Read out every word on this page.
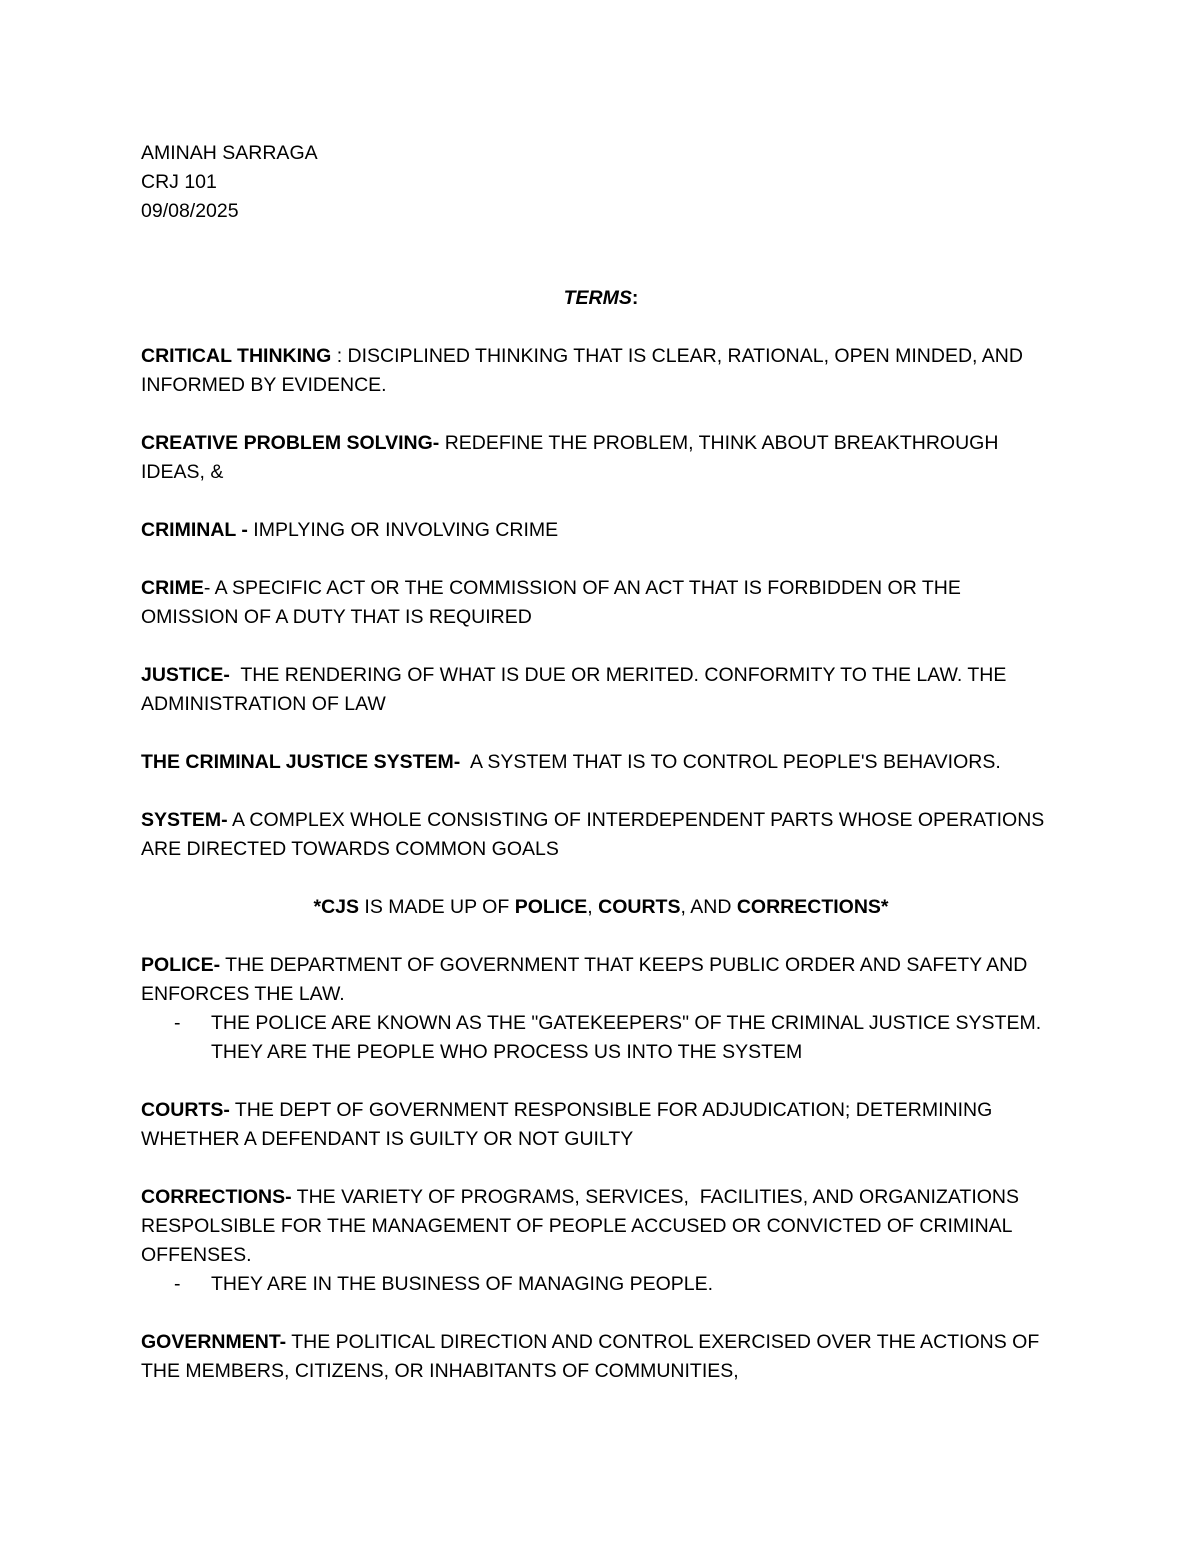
AMINAH SARRAGA

CRJ 101

09/08/2025

TERMS:

CRITICAL THINKING : DISCIPLINED THINKING THAT IS CLEAR, RATIONAL, OPEN MINDED, AND INFORMED BY EVIDENCE.

CREATIVE PROBLEM SOLVING- REDEFINE THE PROBLEM, THINK ABOUT BREAKTHROUGH IDEAS, &

CRIMINAL - IMPLYING OR INVOLVING CRIME

CRIME- A SPECIFIC ACT OR THE COMMISSION OF AN ACT THAT IS FORBIDDEN OR THE OMISSION OF A DUTY THAT IS REQUIRED

JUSTICE-  THE RENDERING OF WHAT IS DUE OR MERITED. CONFORMITY TO THE LAW. THE ADMINISTRATION OF LAW

THE CRIMINAL JUSTICE SYSTEM-  A SYSTEM THAT IS TO CONTROL PEOPLE'S BEHAVIORS.

SYSTEM- A COMPLEX WHOLE CONSISTING OF INTERDEPENDENT PARTS WHOSE OPERATIONS ARE DIRECTED TOWARDS COMMON GOALS

*CJS IS MADE UP OF POLICE, COURTS, AND CORRECTIONS*

POLICE- THE DEPARTMENT OF GOVERNMENT THAT KEEPS PUBLIC ORDER AND SAFETY AND ENFORCES THE LAW.

- THE POLICE ARE KNOWN AS THE "GATEKEEPERS" OF THE CRIMINAL JUSTICE SYSTEM. THEY ARE THE PEOPLE WHO PROCESS US INTO THE SYSTEM

COURTS- THE DEPT OF GOVERNMENT RESPONSIBLE FOR ADJUDICATION; DETERMINING WHETHER A DEFENDANT IS GUILTY OR NOT GUILTY

CORRECTIONS- THE VARIETY OF PROGRAMS, SERVICES,  FACILITIES, AND ORGANIZATIONS RESPOLSIBLE FOR THE MANAGEMENT OF PEOPLE ACCUSED OR CONVICTED OF CRIMINAL OFFENSES.

- THEY ARE IN THE BUSINESS OF MANAGING PEOPLE.

GOVERNMENT- THE POLITICAL DIRECTION AND CONTROL EXERCISED OVER THE ACTIONS OF THE MEMBERS, CITIZENS, OR INHABITANTS OF COMMUNITIES,
